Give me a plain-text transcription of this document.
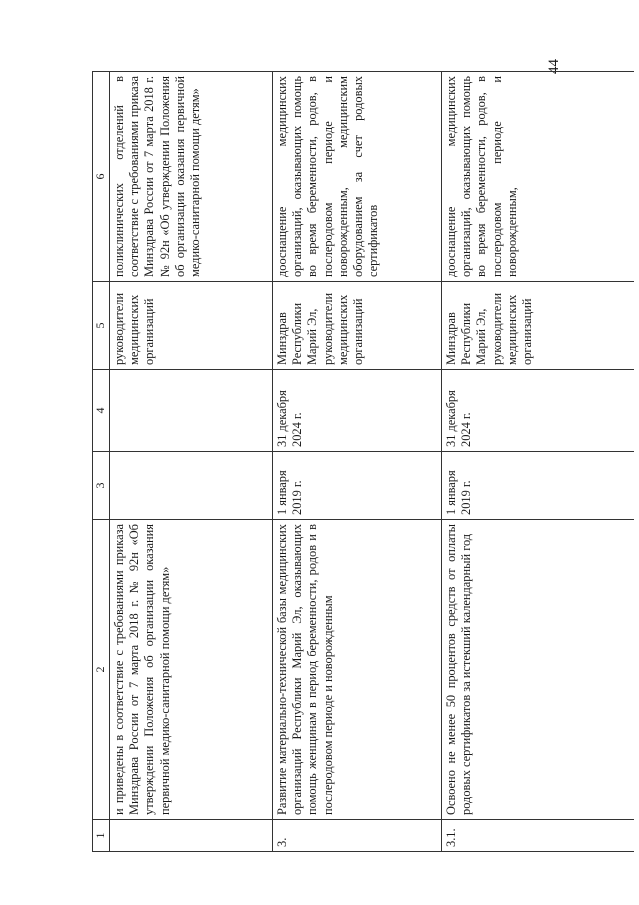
44
1	2	3	4	5	6
	и приведены в соответствие с требованиями приказа Минздрава России от 7 марта 2018 г. № 92н «Об утверждении Положения об организации оказания первичной медико-санитарной помощи детям»			руководители медицинских организаций	поликлинических отделений в соответствие с требованиями приказа Минздрава России от 7 марта 2018 г. № 92н «Об утверждении Положения об организации оказания первичной медико-санитарной помощи детям»
3.	Развитие материально-технической базы медицинских организаций Республики Марий Эл, оказывающих помощь женщинам в период беременности, родов и в послеродовом периоде и новорожденным	1 января 2019 г.	31 декабря 2024 г.	Минздрав Республики Марий Эл, руководители медицинских организаций	дооснащение медицинских организаций, оказывающих помощь во время беременности, родов, в послеродовом периоде и новорожденным, медицинским оборудованием за счет родовых сертификатов
3.1.	Освоено не менее 50 процентов средств от оплаты родовых сертификатов за истекший календарный год	1 января 2019 г.	31 декабря 2024 г.	Минздрав Республики Марий Эл, руководители медицинских организаций	дооснащение медицинских организаций, оказывающих помощь во время беременности, родов, в послеродовом периоде и новорожденным,
